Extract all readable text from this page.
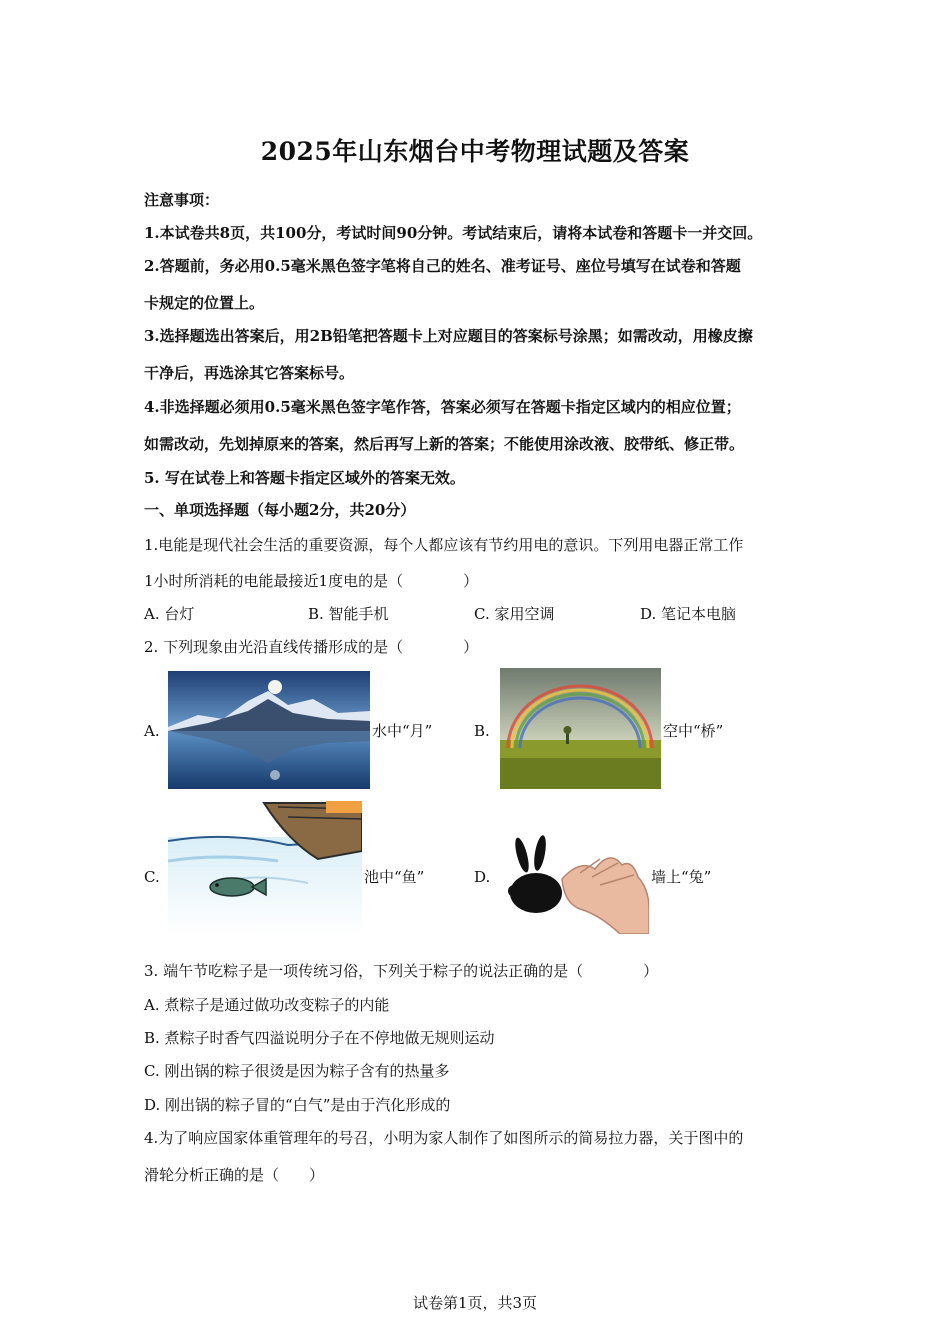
2025年山东烟台中考物理试题及答案
注意事项：
1.本试卷共8页，共100分，考试时间90分钟。考试结束后，请将本试卷和答题卡一并交回。
2.答题前，务必用0.5毫米黑色签字笔将自己的姓名、准考证号、座位号填写在试卷和答题
卡规定的位置上。
3.选择题选出答案后，用2B铅笔把答题卡上对应题目的答案标号涂黑；如需改动，用橡皮擦
干净后，再选涂其它答案标号。
4.非选择题必须用0.5毫米黑色签字笔作答，答案必须写在答题卡指定区域内的相应位置；
如需改动，先划掉原来的答案，然后再写上新的答案；不能使用涂改液、胶带纸、修正带。
5. 写在试卷上和答题卡指定区域外的答案无效。
一、单项选择题（每小题2分，共20分）
1.电能是现代社会生活的重要资源，每个人都应该有节约用电的意识。下列用电器正常工作
1小时所消耗的电能最接近1度电的是（　　　　）
A. 台灯	B. 智能手机	C. 家用空调	D. 笔记本电脑
2. 下列现象由光沿直线传播形成的是（　　　　）
A.	水中“月”	B.	空中“桥”
C.	池中“鱼”	D.	墙上“兔”
3. 端午节吃粽子是一项传统习俗，下列关于粽子的说法正确的是（　　　　）
A. 煮粽子是通过做功改变粽子的内能
B. 煮粽子时香气四溢说明分子在不停地做无规则运动
C. 刚出锅的粽子很烫是因为粽子含有的热量多
D. 刚出锅的粽子冒的“白气”是由于汽化形成的
4.为了响应国家体重管理年的号召，小明为家人制作了如图所示的简易拉力器，关于图中的
滑轮分析正确的是（　　）
试卷第1页，共3页
